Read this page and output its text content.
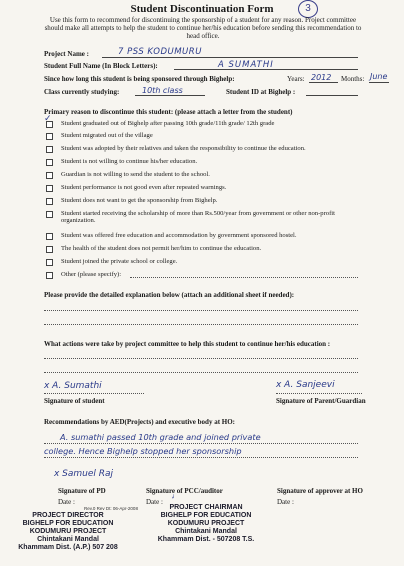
Student Discontinuation Form	3
Use this form to recommend for discontinuing the sponsorship of a student for any reason. Project committee should make all attempts to help the student to continue her/his education before sending this recommendation to head office.
Project Name :	7 PSS KODUMURU
Student Full Name (In Block Letters):	A SUMATHI
Since how long this student is being sponsored through Bighelp:	Years: 2012 Months: June
Class currently studying:	10th class	Student ID at Bighelp :
Primary reason to discontinue this student: (please attach a letter from the student)
✓ Student graduated out of Bighelp after passing 10th grade/11th grade/ 12th grade
Student migrated out of the village
Student was adopted by their relatives and taken the responsibility to continue the education.
Student is not willing to continue his/her education.
Guardian is not willing to send the student to the school.
Student performance is not good even after repeated warnings.
Student does not want to get the sponsorship from Bighelp.
Student started receiving the scholarship of more than Rs.500/year from government or other non-profit organization.
Student was offered free education and accommodation by government sponsored hostel.
The health of the student does not permit her/him to continue the education.
Student joined the private school or college.
Other (please specify):
Please provide the detailed explanation below (attach an additional sheet if needed):
What actions were take by project committee to help this student to continue her/his education :
x A. Sumathi
Signature of student
x A. Sanjeevi
Signature of Parent/Guardian
Recommendations by AED(Projects) and executive body at HO:
A. sumathi passed 10th grade and joined private
college. Hence Bighelp stopped her sponsorship
x Samuel Raj
Signature of PD
Date :
Rev.0 Rev Dt: 06-Apr-2008
Signature of PCC/auditor
Date : ᶤ
Signature of approver at HO
Date :
PROJECT DIRECTOR
BIGHELP FOR EDUCATION
KODUMURU PROJECT
Chintakani Mandal
Khammam Dist. (A.P.) 507 208
PROJECT CHAIRMAN
BIGHELP FOR EDUCATION
KODUMURU PROJECT
Chintakani Mandal
Khammam Dist. - 507208 T.S.
